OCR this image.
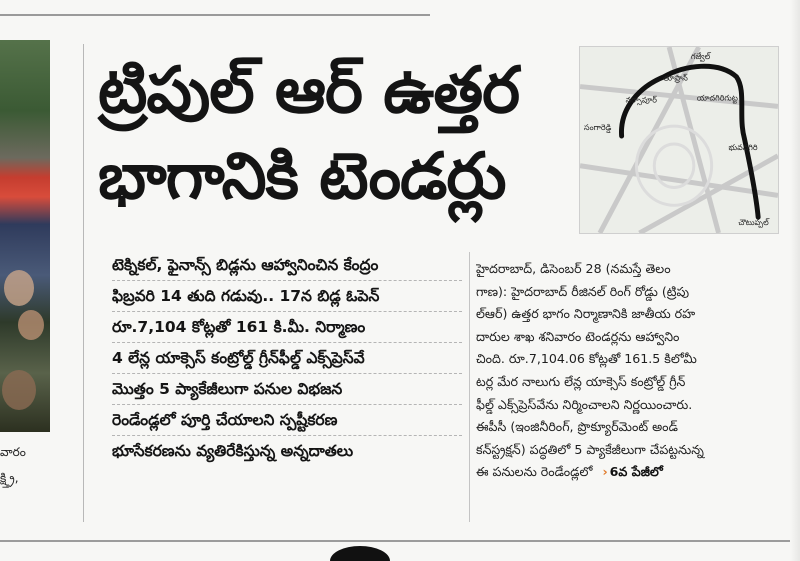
వారం
క్ష్త్రి,
ట్రిపుల్ ఆర్ ఉత్తర
భాగానికి టెండర్లు
గజ్వేల్
తూప్రాన్
సంగారెడ్డి
నర్సాపూర్
చౌటుప్పల్
యాదగిరిగుట్ట
భువనగిరి
టెక్నికల్, ఫైనాన్స్ బిడ్లను ఆహ్వానించిన కేంద్రం
ఫిబ్రవరి 14 తుది గడువు.. 17న బిడ్ల ఓపెన్
రూ.7,104 కోట్లతో 161 కి.మీ. నిర్మాణం
4 లేన్ల యాక్సెస్ కంట్రోల్డ్ గ్రీన్‌ఫీల్డ్ ఎక్స్‌ప్రెస్‌వే
మొత్తం 5 ప్యాకేజీలుగా పనుల విభజన
రెండేండ్లలో పూర్తి చేయాలని స్పష్టీకరణ
భూసేకరణను వ్యతిరేకిస్తున్న అన్నదాతలు
హైదరాబాద్, డిసెంబర్ 28 (నమస్తే తెలం
గాణ): హైదరాబాద్ రీజినల్ రింగ్ రోడ్డు (ట్రిపు
ల్‌ఆర్) ఉత్తర భాగం నిర్మాణానికి జాతీయ రహ
దారుల శాఖ శనివారం టెండర్లను ఆహ్వానిం
చింది. రూ.7,104.06 కోట్లతో 161.5 కిలోమీ
టర్ల మేర నాలుగు లేన్ల యాక్సెస్ కంట్రోల్డ్ గ్రీన్
ఫీల్డ్ ఎక్స్‌ప్రెస్‌వేను నిర్మించాలని నిర్ణయించారు.
ఈపీసీ (ఇంజినీరింగ్, ప్రొక్యూర్‌మెంట్ అండ్
కన్‌స్ట్రక్షన్) పద్ధతిలో 5 ప్యాకేజీలుగా చేపట్టనున్న
ఈ పనులను రెండేండ్లలో › 6వ పేజీలో
